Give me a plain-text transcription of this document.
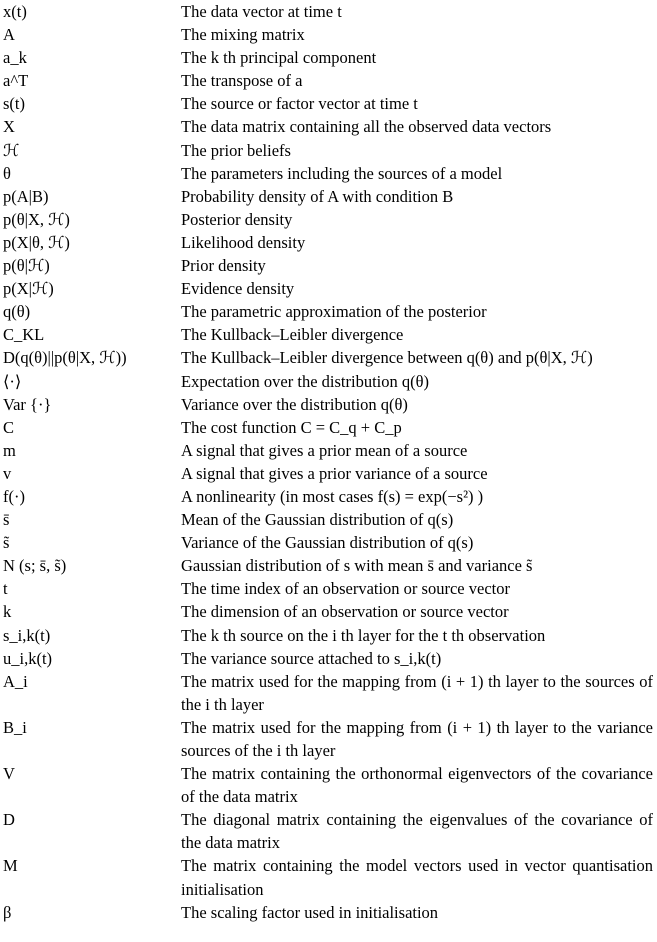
x(t)	The data vector at time t
A	The mixing matrix
a_k	The k th principal component
a^T	The transpose of a
s(t)	The source or factor vector at time t
X	The data matrix containing all the observed data vectors
ℋ	The prior beliefs
θ	The parameters including the sources of a model
p(A|B)	Probability density of A with condition B
p(θ|X, ℋ)	Posterior density
p(X|θ, ℋ)	Likelihood density
p(θ|ℋ)	Prior density
p(X|ℋ)	Evidence density
q(θ)	The parametric approximation of the posterior
C_KL	The Kullback–Leibler divergence
D(q(θ)||p(θ|X, ℋ))	The Kullback–Leibler divergence between q(θ) and p(θ|X, ℋ)
⟨·⟩	Expectation over the distribution q(θ)
Var {·}	Variance over the distribution q(θ)
C	The cost function C = C_q + C_p
m	A signal that gives a prior mean of a source
v	A signal that gives a prior variance of a source
f(·)	A nonlinearity (in most cases f(s) = exp(−s²) )
s̄	Mean of the Gaussian distribution of q(s)
s̃	Variance of the Gaussian distribution of q(s)
N (s; s̄, s̃)	Gaussian distribution of s with mean s̄ and variance s̃
t	The time index of an observation or source vector
k	The dimension of an observation or source vector
s_i,k(t)	The k th source on the i th layer for the t th observation
u_i,k(t)	The variance source attached to s_i,k(t)
A_i	The matrix used for the mapping from (i + 1) th layer to the sources of the i th layer
B_i	The matrix used for the mapping from (i + 1) th layer to the variance sources of the i th layer
V	The matrix containing the orthonormal eigenvectors of the covariance of the data matrix
D	The diagonal matrix containing the eigenvalues of the covariance of the data matrix
M	The matrix containing the model vectors used in vector quantisation initialisation
β	The scaling factor used in initialisation
